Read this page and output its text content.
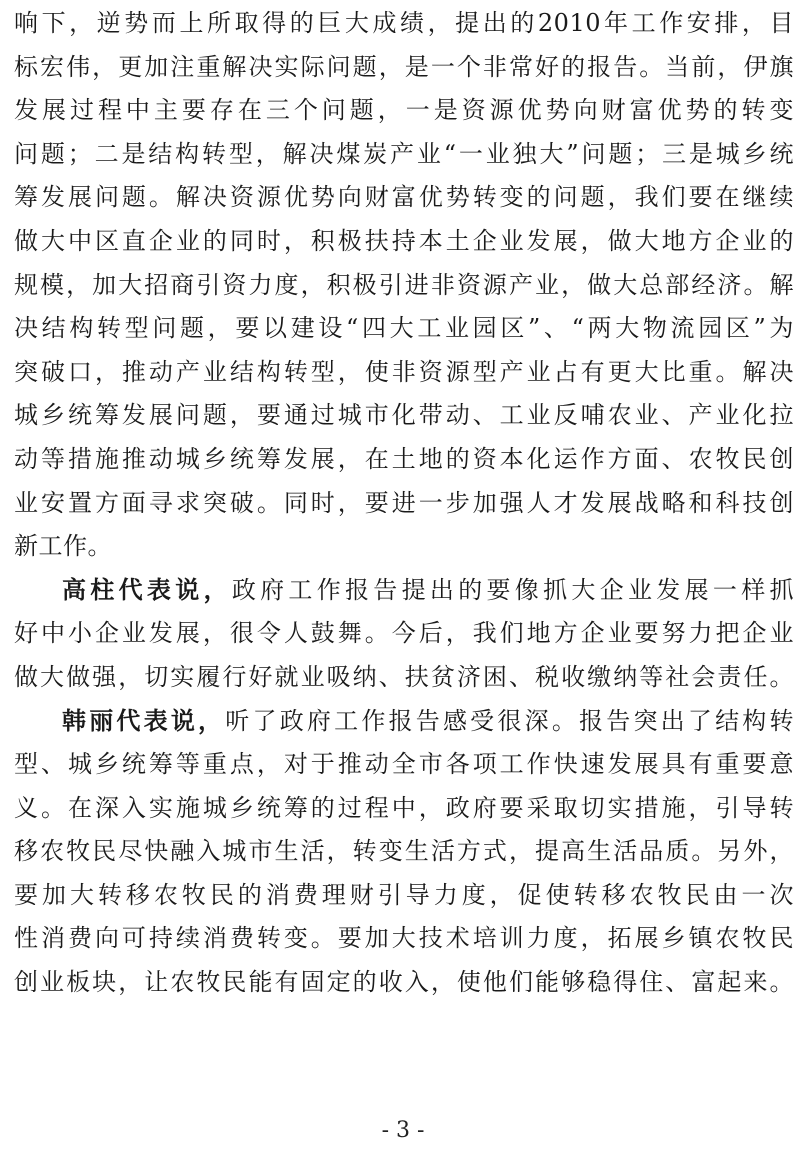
响下，逆势而上所取得的巨大成绩，提出的2010年工作安排，目
标宏伟，更加注重解决实际问题，是一个非常好的报告。当前，伊旗
发展过程中主要存在三个问题，一是资源优势向财富优势的转变
问题；二是结构转型，解决煤炭产业“一业独大”问题；三是城乡统
筹发展问题。解决资源优势向财富优势转变的问题，我们要在继续
做大中区直企业的同时，积极扶持本土企业发展，做大地方企业的
规模，加大招商引资力度，积极引进非资源产业，做大总部经济。解
决结构转型问题，要以建设“四大工业园区”、“两大物流园区”为
突破口，推动产业结构转型，使非资源型产业占有更大比重。解决
城乡统筹发展问题，要通过城市化带动、工业反哺农业、产业化拉
动等措施推动城乡统筹发展，在土地的资本化运作方面、农牧民创
业安置方面寻求突破。同时，要进一步加强人才发展战略和科技创
新工作。
高柱代表说，政府工作报告提出的要像抓大企业发展一样抓
好中小企业发展，很令人鼓舞。今后，我们地方企业要努力把企业
做大做强，切实履行好就业吸纳、扶贫济困、税收缴纳等社会责任。
韩丽代表说，听了政府工作报告感受很深。报告突出了结构转
型、城乡统筹等重点，对于推动全市各项工作快速发展具有重要意
义。在深入实施城乡统筹的过程中，政府要采取切实措施，引导转
移农牧民尽快融入城市生活，转变生活方式，提高生活品质。另外，
要加大转移农牧民的消费理财引导力度，促使转移农牧民由一次
性消费向可持续消费转变。要加大技术培训力度，拓展乡镇农牧民
创业板块，让农牧民能有固定的收入，使他们能够稳得住、富起来。
- 3 -
